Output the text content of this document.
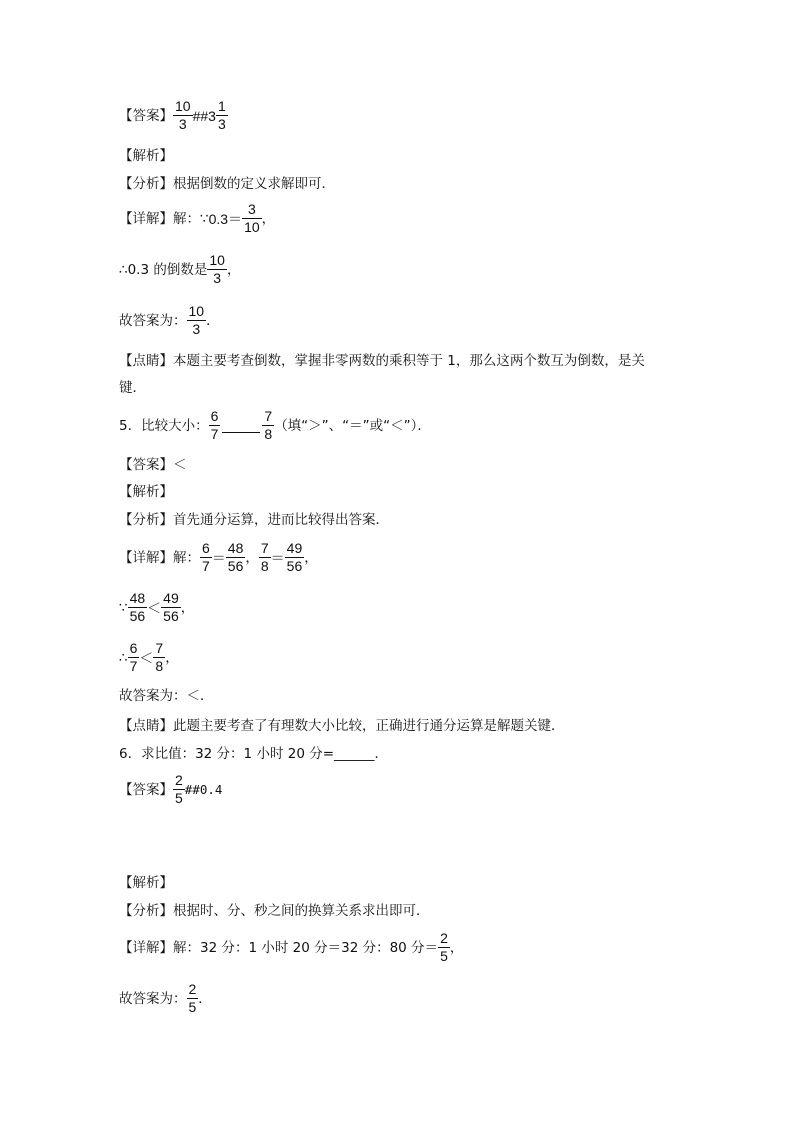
【答案】 $\frac{10}{3}$ ## $3 \frac{1}{3}$
【解析】
【分析】 根据倒数的定义求解即可．
【详解】 解：∵ $0.3= \frac{3}{10}$ ，
∴0.3 的倒数是 $\frac{10}{3}$ ，
故答案为： $\frac{10}{3}$ ．
【点睛】 本题主要考查倒数，掌握非零两数的乘积等于 1，那么这两个数互为倒数，是关
键．
5．比较大小： $\frac{6}{7}$	$\frac{7}{8}$ （填“＞”、“＝”或“＜”）．
【答案】 ＜
【解析】
【分析】 首先通分运算，进而比较得出答案．
【详解】 解： $\frac{6}{7} = \frac{48}{56}$ ， $\frac{7}{8} = \frac{49}{56}$ ，
∵ $\frac{48}{56} < \frac{49}{56}$ ，
∴ $\frac{6}{7} < \frac{7}{8}$ ，
故答案为：＜．
【点睛】 此题主要考查了有理数大小比较，正确进行通分运算是解题关键．
6．求比值：32 分：1 小时 20 分=______．
【答案】 $\frac{2}{5}$ ##0.4
【解析】
【分析】 根据时、分、秒之间的换算关系求出即可．
【详解】 解：32 分：1 小时 20 分＝32 分：80 分＝ $\frac{2}{5}$ ，
故答案为： $\frac{2}{5}$ ．
